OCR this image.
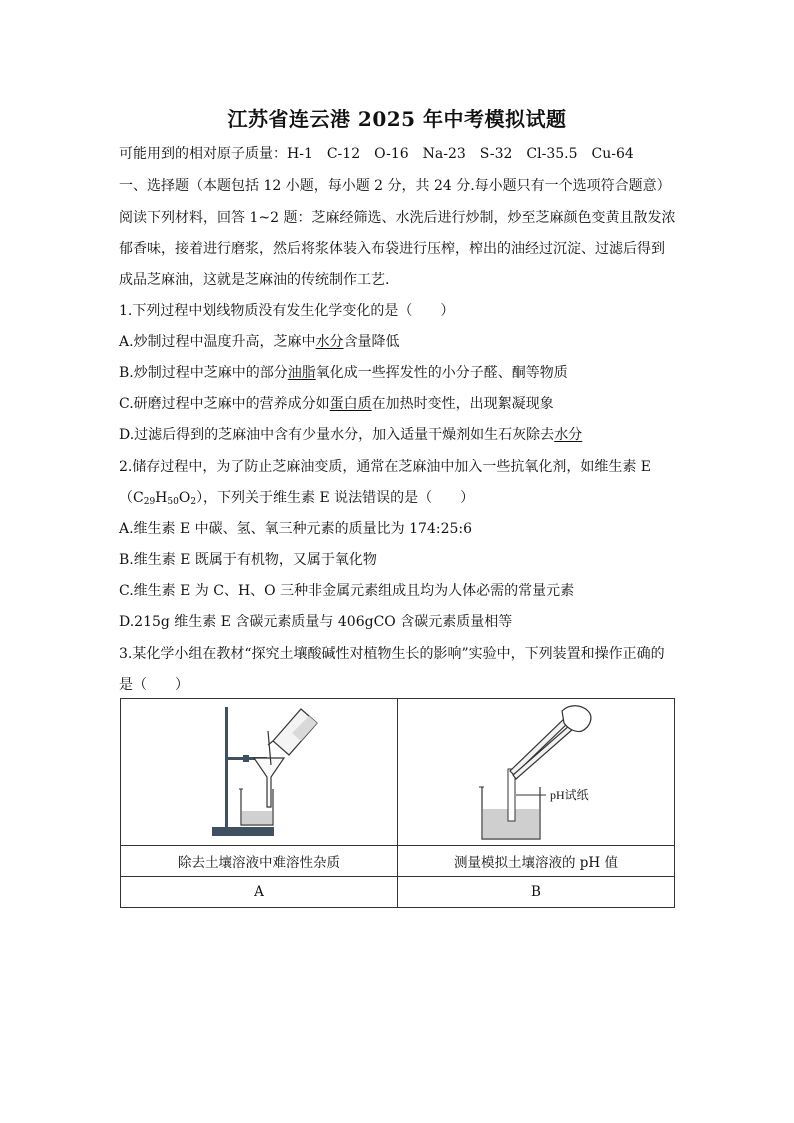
江苏省连云港 2025 年中考模拟试题
可能用到的相对原子质量：H-1　C-12　O-16　Na-23　S-32　Cl-35.5　Cu-64
一、选择题（本题包括 12 小题，每小题 2 分，共 24 分.每小题只有一个选项符合题意）
阅读下列材料，回答 1~2 题：芝麻经筛选、水洗后进行炒制，炒至芝麻颜色变黄且散发浓
郁香味，接着进行磨浆，然后将浆体装入布袋进行压榨，榨出的油经过沉淀、过滤后得到
成品芝麻油，这就是芝麻油的传统制作工艺.
1.下列过程中划线物质没有发生化学变化的是（　　）
A.炒制过程中温度升高，芝麻中水分含量降低
B.炒制过程中芝麻中的部分油脂氧化成一些挥发性的小分子醛、酮等物质
C.研磨过程中芝麻中的营养成分如蛋白质在加热时变性，出现絮凝现象
D.过滤后得到的芝麻油中含有少量水分，加入适量干燥剂如生石灰除去水分
2.储存过程中，为了防止芝麻油变质，通常在芝麻油中加入一些抗氧化剂，如维生素 E
$(C_{29}H_{50}O_2)$，下列关于维生素 E 说法错误的是（　　）
A.维生素 E 中碳、氢、氧三种元素的质量比为 174:25:6
B.维生素 E 既属于有机物，又属于氧化物
C.维生素 E 为 C、H、O 三种非金属元素组成且均为人体必需的常量元素
D.215g 维生素 E 含碳元素质量与 406gCO 含碳元素质量相等
3.某化学小组在教材“探究土壤酸碱性对植物生长的影响”实验中，下列装置和操作正确的
是（　　）

pH试纸

除去土壤溶液中难溶性杂质	测量模拟土壤溶液的 pH 值
A	B
